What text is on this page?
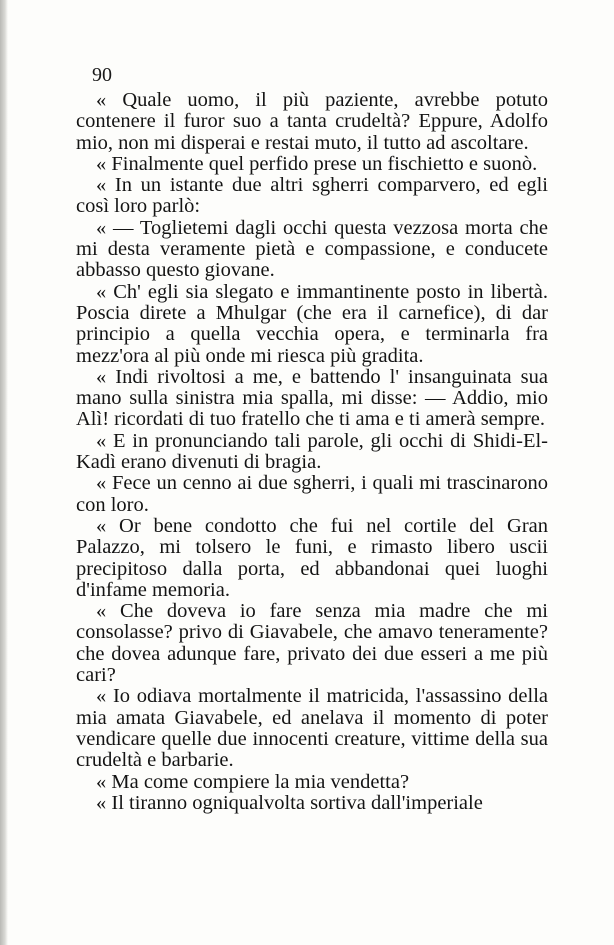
90

« Quale uomo, il più paziente, avrebbe potuto contenere il furor suo a tanta crudeltà? Eppure, Adolfo mio, non mi disperai e restai muto, il tutto ad ascoltare.

« Finalmente quel perfido prese un fischietto e suonò.

« In un istante due altri sgherri comparvero, ed egli così loro parlò:

« — Toglietemi dagli occhi questa vezzosa morta che mi desta veramente pietà e compassione, e conducete abbasso questo giovane.

« Ch' egli sia slegato e immantinente posto in libertà. Poscia direte a Mhulgar (che era il carnefice), di dar principio a quella vecchia opera, e terminarla fra mezz'ora al più onde mi riesca più gradita.

« Indi rivoltosi a me, e battendo l' insanguinata sua mano sulla sinistra mia spalla, mi disse: — Addio, mio Alì! ricordati di tuo fratello che ti ama e ti amerà sempre.

« E in pronunciando tali parole, gli occhi di Shidi-El-Kadì erano divenuti di bragia.

« Fece un cenno ai due sgherri, i quali mi trascinarono con loro.

« Or bene condotto che fui nel cortile del Gran Palazzo, mi tolsero le funi, e rimasto libero uscii precipitoso dalla porta, ed abbandonai quei luoghi d'infame memoria.

« Che doveva io fare senza mia madre che mi consolasse? privo di Giavabele, che amavo teneramente? che dovea adunque fare, privato dei due esseri a me più cari?

« Io odiava mortalmente il matricida, l'assassino della mia amata Giavabele, ed anelava il momento di poter vendicare quelle due innocenti creature, vittime della sua crudeltà e barbarie.

« Ma come compiere la mia vendetta?

« Il tiranno ogniqualvolta sortiva dall'imperiale
